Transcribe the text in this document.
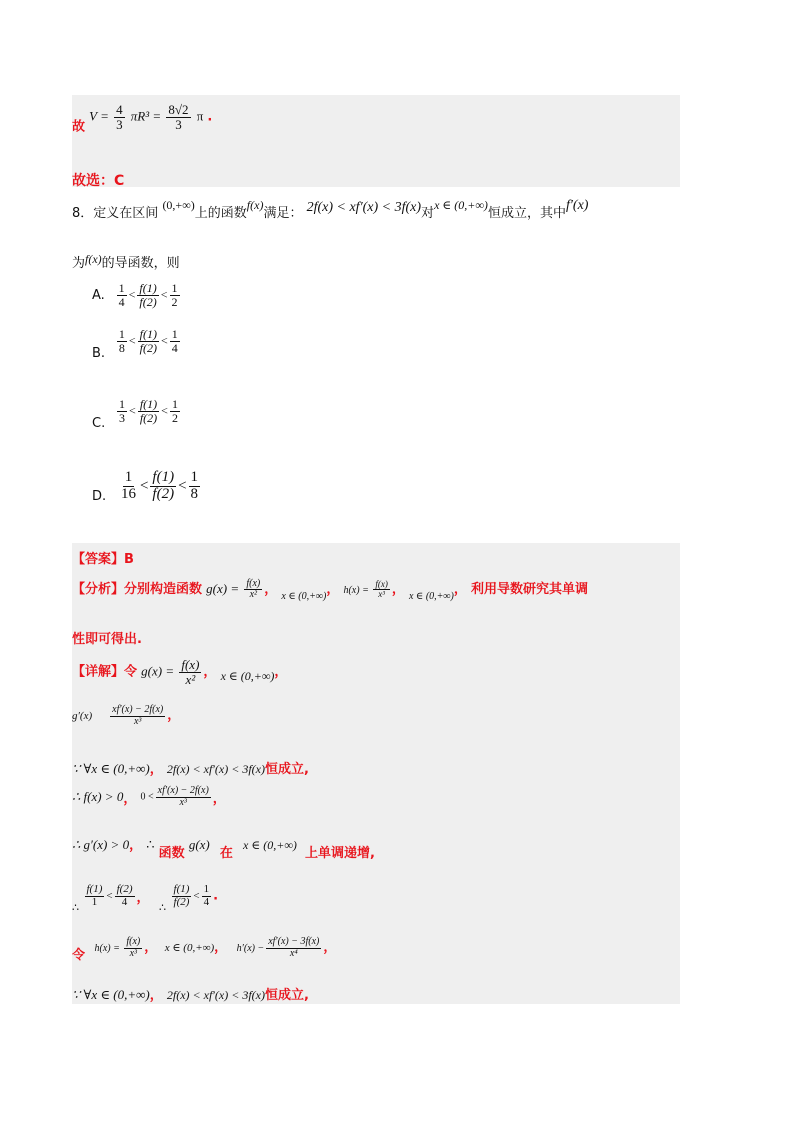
故 $V = \frac{4}{3} \pi R^3 = \frac{8√2}{3}$ π .
故选：C
8．定义在区间 (0,+∞)上的函数f(x)满足： 2f(x) < xf′(x) < 3f(x)对x ∈ (0,+∞)恒成立，其中f′(x)
为f(x)的导函数，则
A. $\frac{1}{4} < \frac{f(1)}{f(2)} < \frac{1}{2}$
B. $\frac{1}{8} < \frac{f(1)}{f(2)} < \frac{1}{4}$
C. $\frac{1}{3} < \frac{f(1)}{f(2)} < \frac{1}{2}$
D. $\frac{1}{16} < \frac{f(1)}{f(2)} < \frac{1}{8}$
【答案】B
【分析】分别构造函数 $g(x) = \frac{f(x)}{\text{x²}}$ ， $_{x \in (0,+\infty)}$， $h(x) = \frac{f(x)}{\text{x³}}$ ， $_{x \in (0,+\infty)}$， 利用导数研究其单调
性即可得出.
【详解】令 $g(x) = \frac{f(x)}{\text{x²}}$ ， x ∈ (0,+∞)，
$g'(x) \frac{xf'(x) - 2f(x)}{\text{x³}}$ ，
∵ ∀x ∈ (0,+∞)， 2f(x) < xf′(x) < 3f(x)恒成立,
∴ f(x) > 0， $0 < \frac{xf'(x) - 2f(x)}{\text{x³}}$ ，
∴ g′(x) > 0， ∴ 函数 g(x) 在 x ∈ (0,+∞) 上单调递增,
∴ $\frac{f(1)}{1} < \frac{f(2)}{4}$ ， ∴ $\frac{f(1)}{f(2)} < \frac{1}{4}$ .
令 $h(x) = \frac{f(x)}{\text{x³}}$ ， x ∈ (0,+∞)， $h'(x) - \frac{xf'(x) - 3f(x)}{\text{x⁴}}$ ，
∵ ∀x ∈ (0,+∞)， 2f(x) < xf′(x) < 3f(x)恒成立,
